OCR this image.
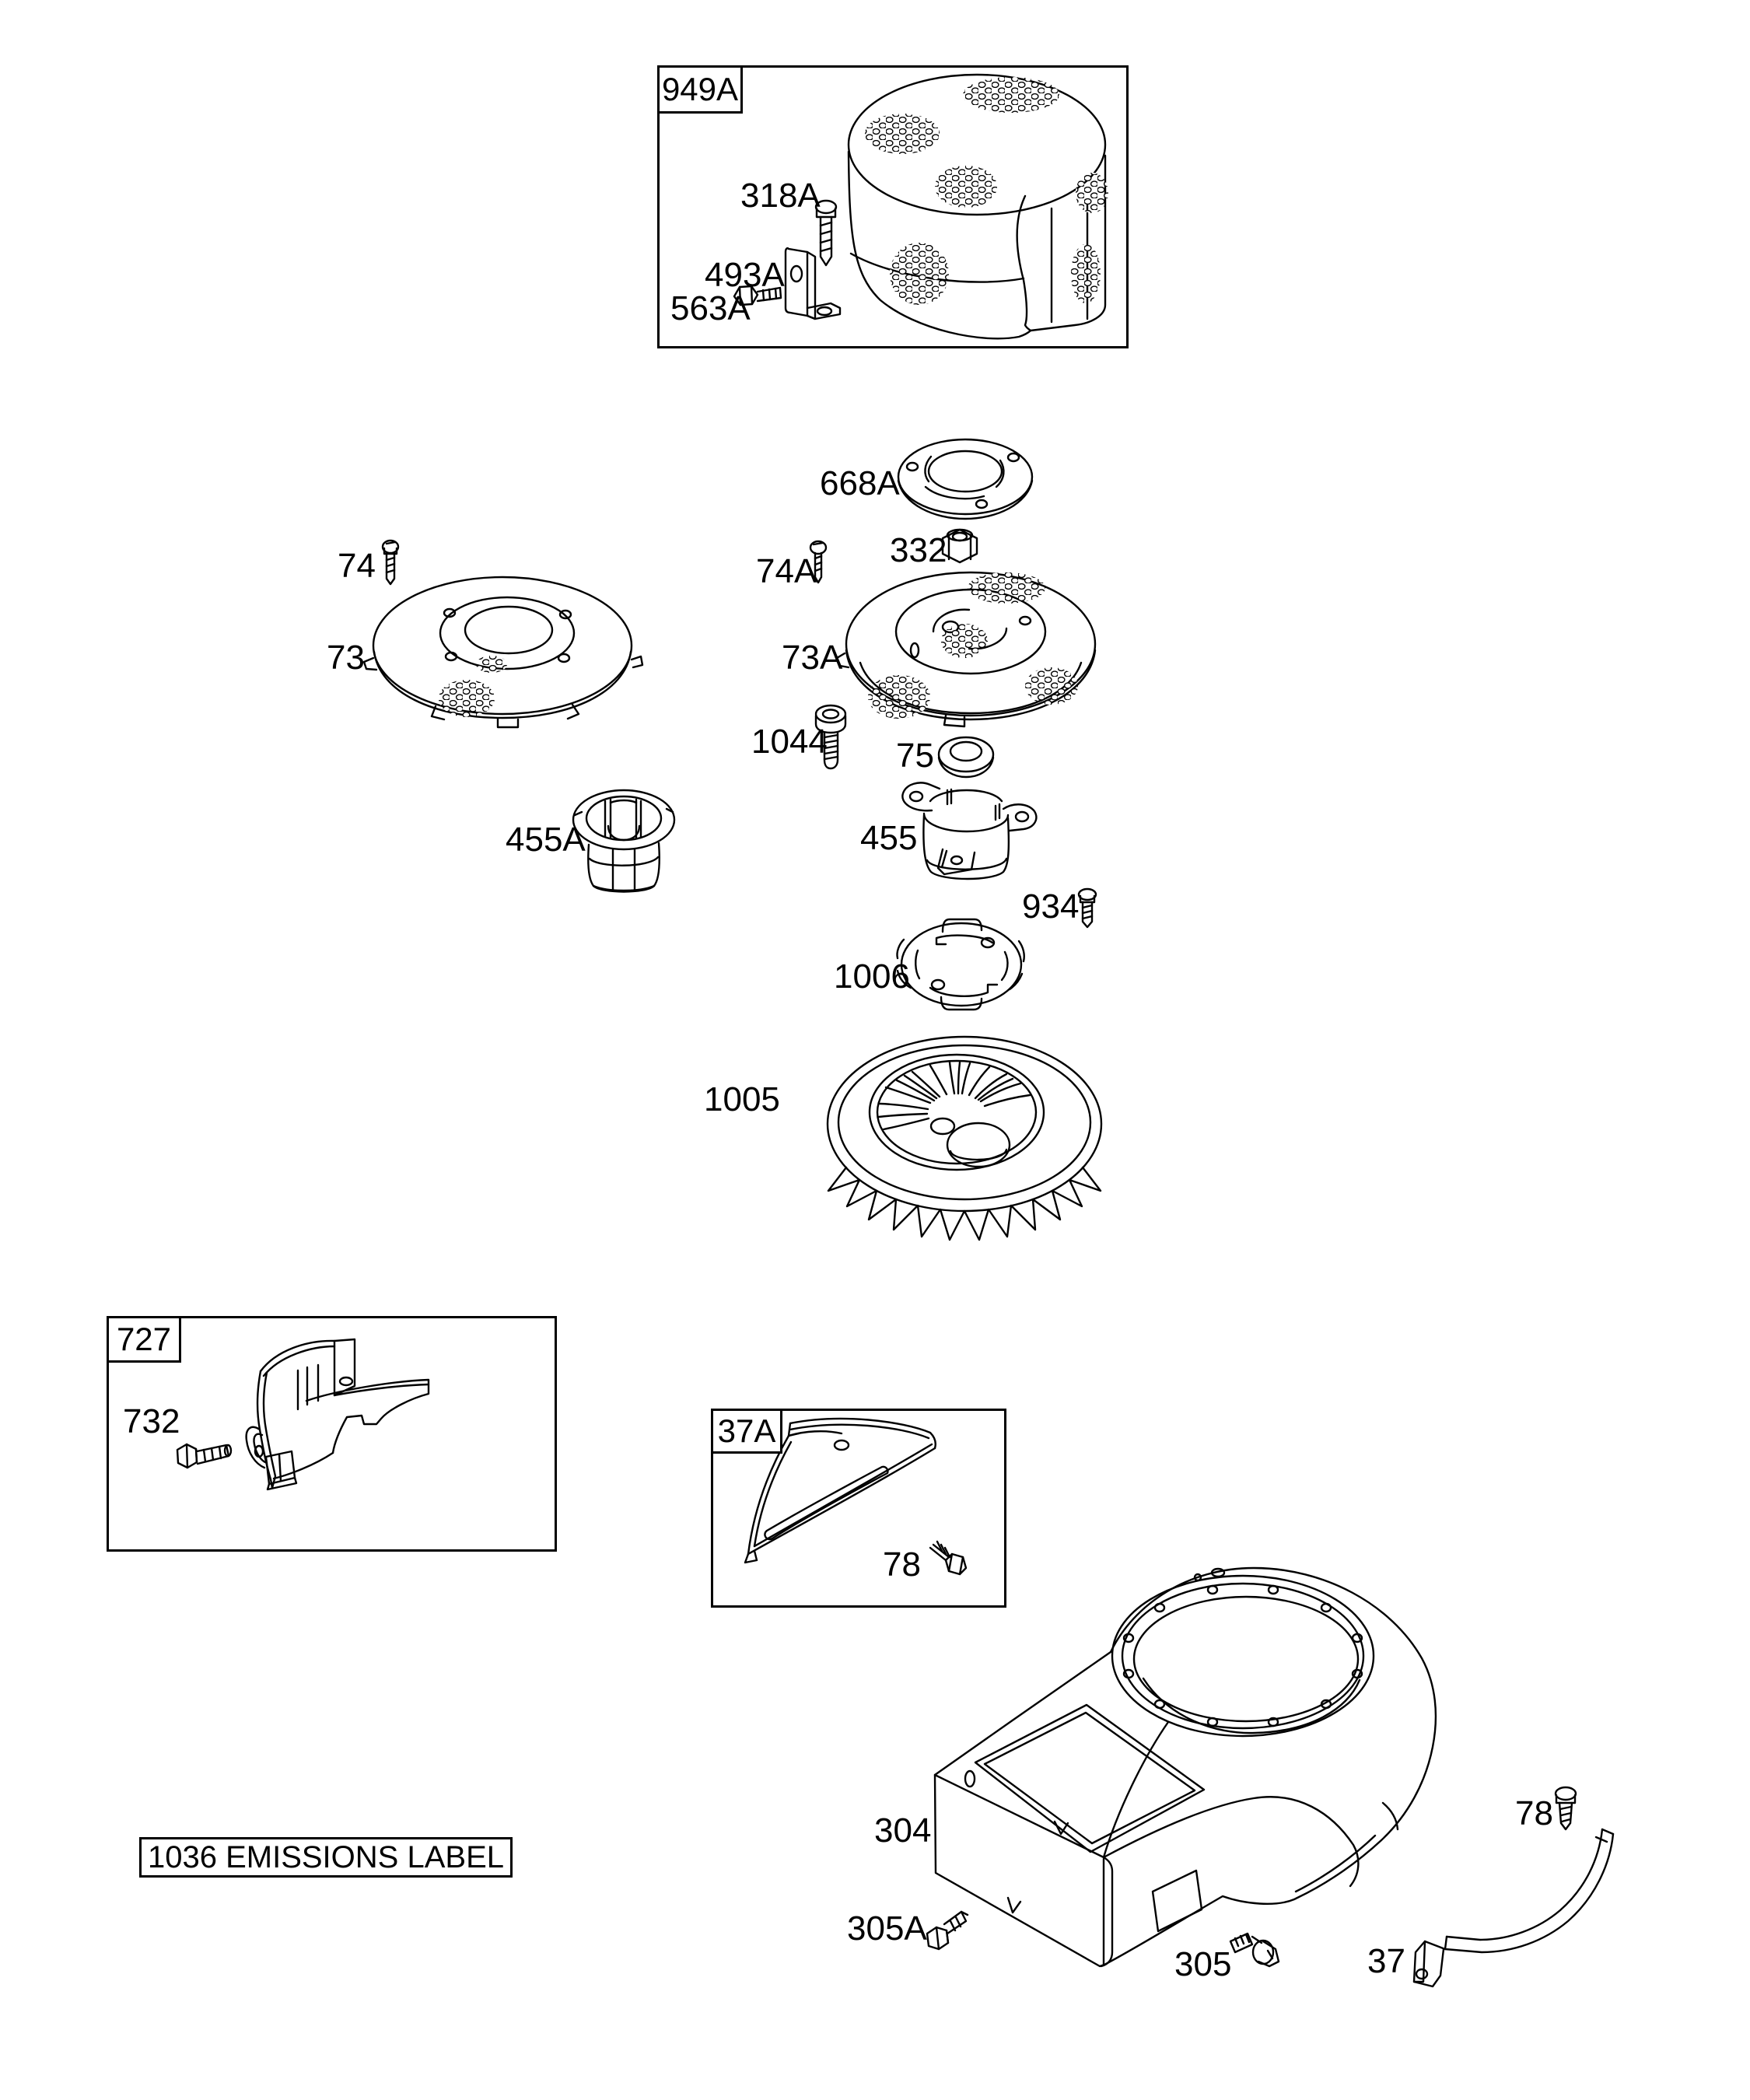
949A
727
37A
1036 EMISSIONS LABEL
318A
493A
563A
668A
332
74
73
74A
73A
1044 75
455A	455
934
1006
1005
732
78
304
305A
305
78
37
